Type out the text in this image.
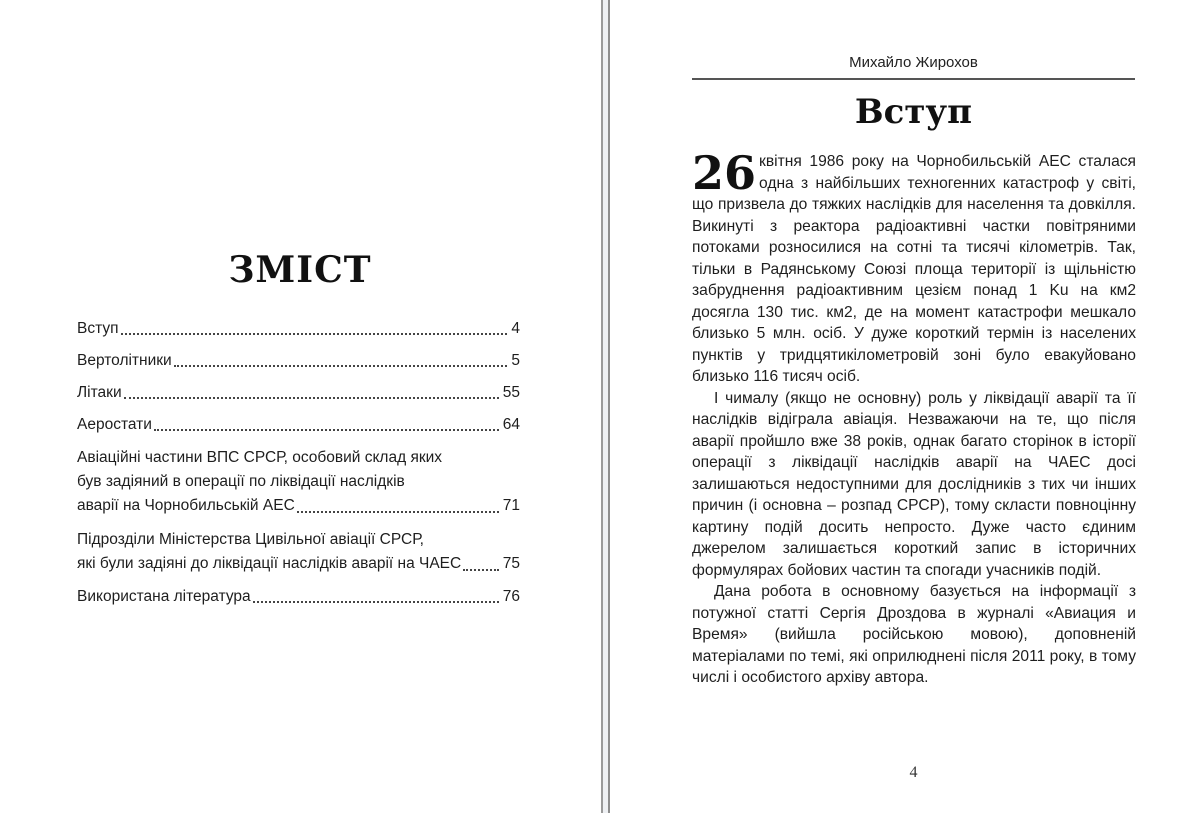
ЗМІСТ
Вступ	4
Вертолітники	5
Літаки	55
Аеростати	64
Авіаційні частини ВПС СРСР, особовий склад яких
був задіяний в операції по ліквідації наслідків
аварії на Чорнобильській АЕС	71
Підрозділи Міністерства Цивільної авіації СРСР,
які були задіяні до ліквідації наслідків аварії на ЧАЕС	75
Використана література	76
Михайло Жирохов
Вступ

26 квітня 1986 року на Чорнобильській АЕС сталася одна з найбільших техногенних катастроф у світі, що призвела до тяжких наслідків для населення та довкілля. Викинуті з реактора радіоактивні частки повітряними потоками розносилися на сотні та тисячі кілометрів. Так, тільки в Радянському Союзі площа території із щільністю забруднення радіоактивним цезієм понад 1 Ku на км2 досягла 130 тис. км2, де на момент катастрофи мешкало близько 5 млн. осіб. У дуже короткий термін із населених пунктів у тридцятикілометровій зоні було евакуйовано близько 116 тисяч осіб.

І чималу (якщо не основну) роль у ліквідації аварії та її наслідків відіграла авіація. Незважаючи на те, що після аварії пройшло вже 38 років, однак багато сторінок в історії операції з ліквідації наслідків аварії на ЧАЕС досі залишаються недоступними для дослідників з тих чи інших причин (і основна – розпад СРСР), тому скласти повноцінну картину подій досить непросто. Дуже часто єдиним джерелом залишається короткий запис в історичних формулярах бойових частин та спогади учасників подій.

Дана робота в основному базується на інформації з потужної статті Сергія Дроздова в журналі «Авиация и Время» (вийшла російською мовою), доповненій матеріалами по темі, які оприлюднені після 2011 року, в тому числі і особистого архіву автора.

4
